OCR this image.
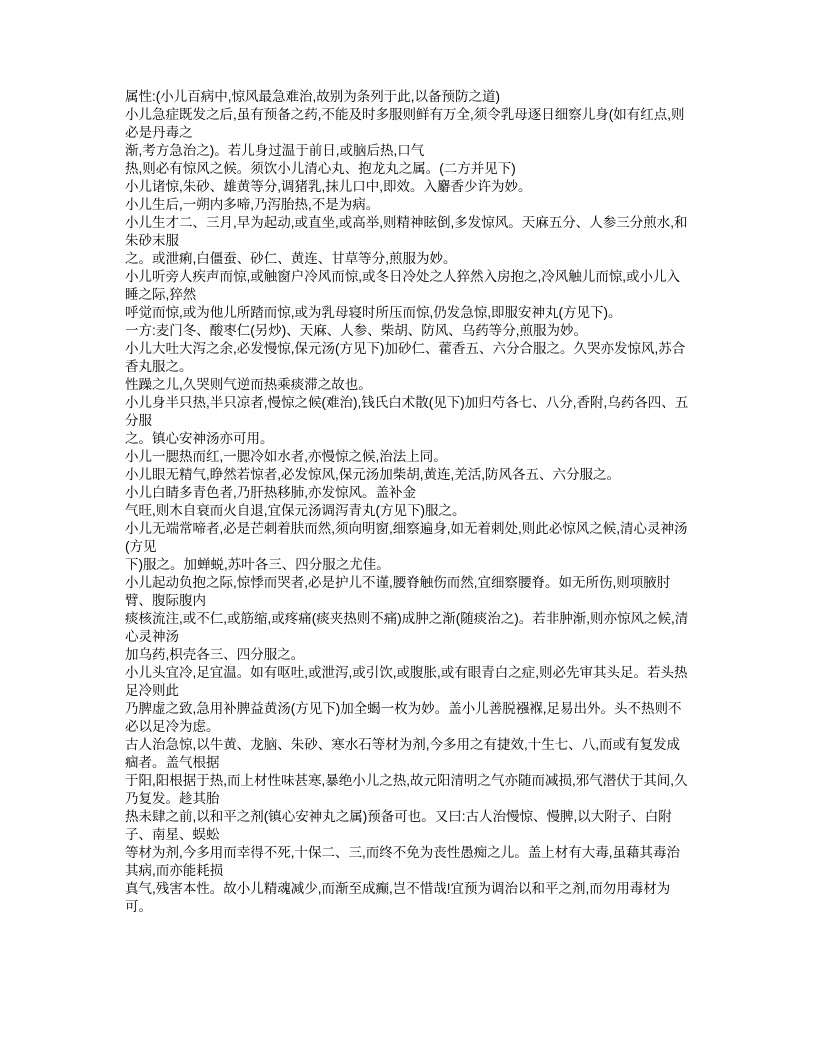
属性:(小儿百病中,惊风最急难治,故别为条列于此,以备预防之道)

小儿急症既发之后,虽有预备之药,不能及时多服则鲜有万全,须令乳母逐日细察儿身(如有红点,则必是丹毒之

渐,考方急治之)。若儿身过温于前日,或脑后热,口气

热,则必有惊风之候。须饮小儿清心丸、抱龙丸之属。(二方并见下)

小儿诸惊,朱砂、雄黄等分,调猪乳,抹儿口中,即效。入麝香少许为妙。

小儿生后,一朔内多啼,乃泻胎热,不是为病。

小儿生才二、三月,早为起动,或直坐,或高举,则精神眩倒,多发惊风。天麻五分、人参三分煎水,和朱砂末服

之。或泄痢,白僵蚕、砂仁、黄连、甘草等分,煎服为妙。

小儿听旁人疾声而惊,或触窗户冷风而惊,或冬日冷处之人猝然入房抱之,冷风触儿而惊,或小儿入睡之际,猝然

呼觉而惊,或为他儿所踏而惊,或为乳母寝时所压而惊,仍发急惊,即服安神丸(方见下)。

一方:麦门冬、酸枣仁(另炒)、天麻、人参、柴胡、防风、乌药等分,煎服为妙。

小儿大吐大泻之余,必发慢惊,保元汤(方见下)加砂仁、藿香五、六分合服之。久哭亦发惊风,苏合香丸服之。

性躁之儿,久哭则气逆而热乘痰滞之故也。

小儿身半只热,半只凉者,慢惊之候(难治),钱氏白术散(见下)加归芍各七、八分,香附,乌药各四、五分服

之。镇心安神汤亦可用。

小儿一腮热而红,一腮冷如水者,亦慢惊之候,治法上同。

小儿眼无精气,睁然若惊者,必发惊风,保元汤加柴胡,黄连,羌活,防风各五、六分服之。

小儿白睛多青色者,乃肝热移肺,亦发惊风。盖补金

气旺,则木自衰而火自退,宜保元汤调泻青丸(方见下)服之。

小儿无端常啼者,必是芒刺着肤而然,须向明窗,细察遍身,如无着刺处,则此必惊风之候,清心灵神汤(方见

下)服之。加蝉蜕,苏叶各三、四分服之尤佳。

小儿起动负抱之际,惊悸而哭者,必是护儿不谨,腰脊触伤而然,宜细察腰脊。如无所伤,则项腋肘臂、腹际腹内

痰核流注,或不仁,或筋缩,或疼痛(痰夹热则不痛)成肿之渐(随痰治之)。若非肿渐,则亦惊风之候,清心灵神汤

加乌药,枳壳各三、四分服之。

小儿头宜冷,足宜温。如有呕吐,或泄泻,或引饮,或腹胀,或有眼青白之症,则必先审其头足。若头热足冷则此

乃脾虚之致,急用补脾益黄汤(方见下)加全蝎一枚为妙。盖小儿善脱襁褓,足易出外。头不热则不必以足冷为虑。

古人治急惊,以牛黄、龙脑、朱砂、寒水石等材为剂,今多用之有捷效,十生七、八,而或有复发成痼者。盖气根据

于阳,阳根据于热,而上材性味甚寒,暴绝小儿之热,故元阳清明之气亦随而减损,邪气潜伏于其间,久乃复发。趁其胎

热未肆之前,以和平之剂(镇心安神丸之属)预备可也。又曰:古人治慢惊、慢脾,以大附子、白附子、南星、蜈蚣

等材为剂,今多用而幸得不死,十保二、三,而终不免为丧性愚痴之儿。盖上材有大毒,虽藉其毒治其病,而亦能耗损

真气,残害本性。故小儿精魂减少,而渐至成癫,岂不惜哉!宜预为调治以和平之剂,而勿用毒材为可。
